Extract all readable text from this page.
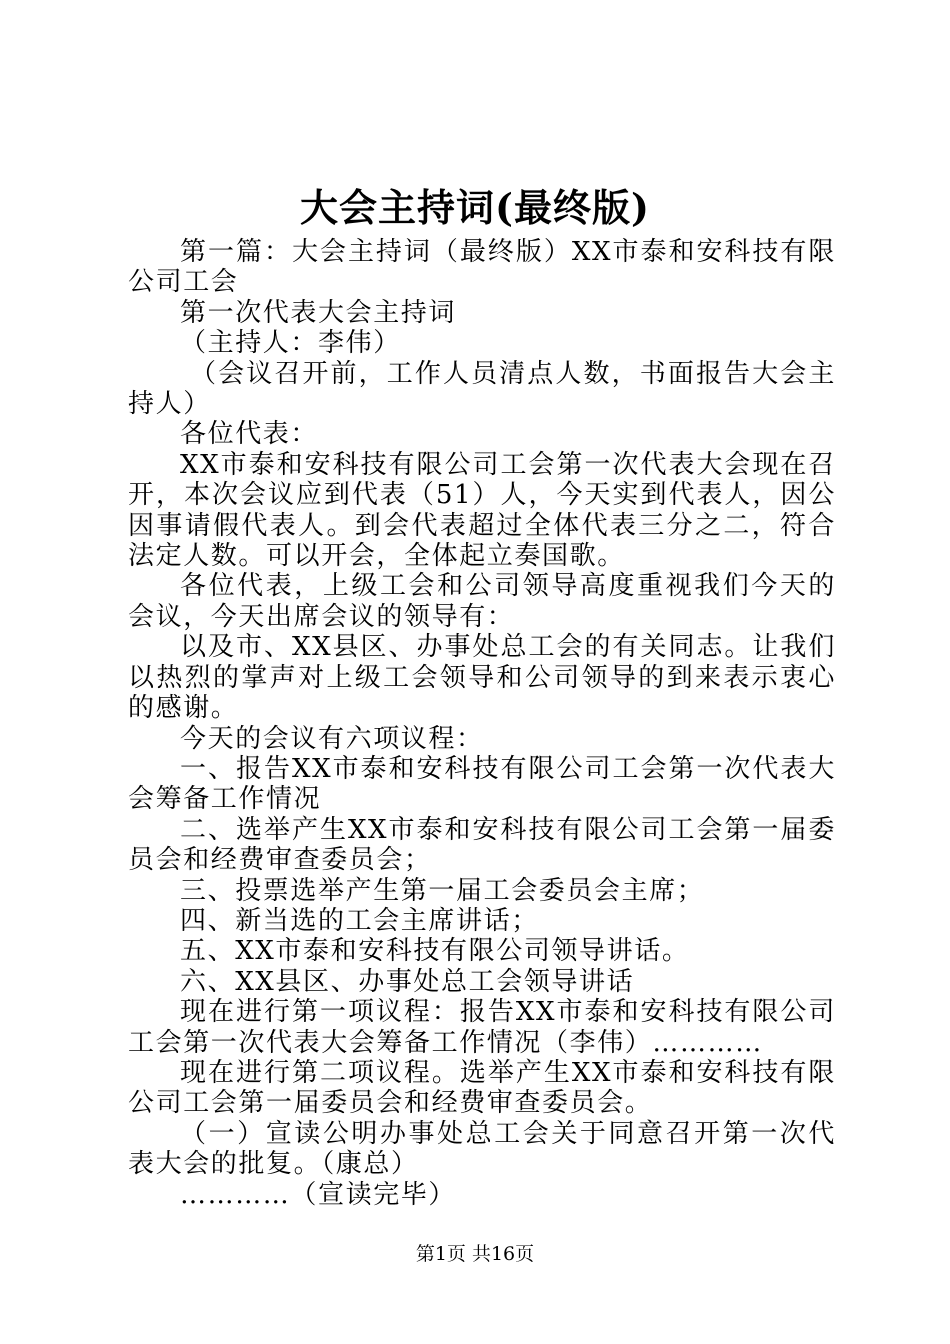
大会主持词(最终版)

第一篇：大会主持词（最终版）XX市泰和安科技有限公司工会

第一次代表大会主持词

（主持人：李伟）

（会议召开前，工作人员清点人数，书面报告大会主持人）

各位代表：

XX市泰和安科技有限公司工会第一次代表大会现在召开，本次会议应到代表（51）人，今天实到代表人，因公因事请假代表人。到会代表超过全体代表三分之二，符合法定人数。可以开会，全体起立奏国歌。

各位代表，上级工会和公司领导高度重视我们今天的会议，今天出席会议的领导有：

以及市、XX县区、办事处总工会的有关同志。让我们以热烈的掌声对上级工会领导和公司领导的到来表示衷心的感谢。

今天的会议有六项议程：

一、报告XX市泰和安科技有限公司工会第一次代表大会筹备工作情况

二、选举产生XX市泰和安科技有限公司工会第一届委员会和经费审查委员会；

三、投票选举产生第一届工会委员会主席；

四、新当选的工会主席讲话；

五、XX市泰和安科技有限公司领导讲话。

六、XX县区、办事处总工会领导讲话

现在进行第一项议程：报告XX市泰和安科技有限公司工会第一次代表大会筹备工作情况（李伟）…………

现在进行第二项议程。选举产生XX市泰和安科技有限公司工会第一届委员会和经费审查委员会。

（一）宣读公明办事处总工会关于同意召开第一次代表大会的批复。（康总）

…………（宣读完毕）

第1页 共16页
